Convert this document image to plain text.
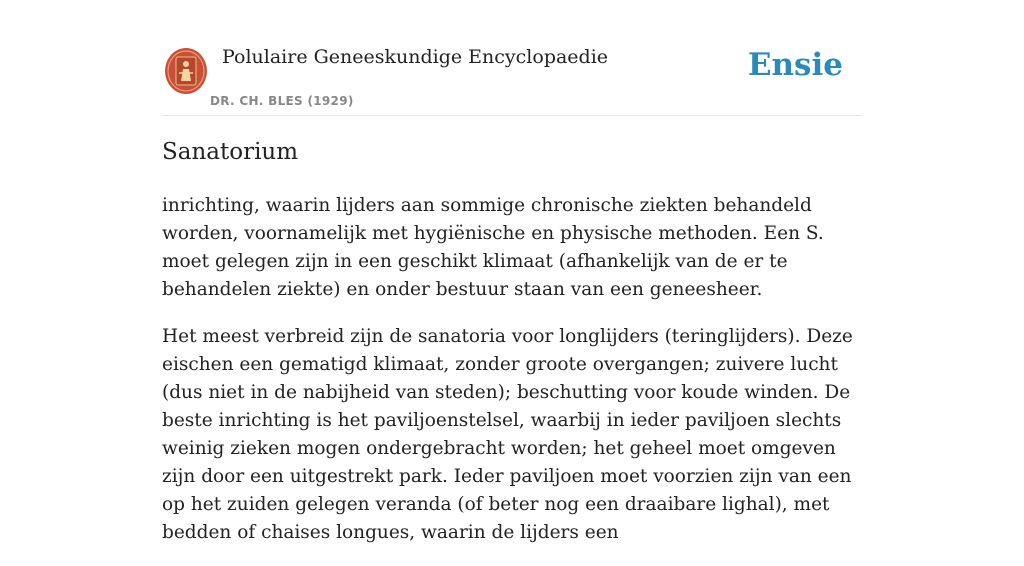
Polulaire Geneeskundige Encyclopaedie
DR. CH. BLES (1929)
Ensie
Sanatorium

inrichting, waarin lijders aan sommige chronische ziekten behandeld worden, voornamelijk met hygiënische en physische methoden. Een S. moet gelegen zijn in een geschikt klimaat (afhankelijk van de er te behandelen ziekte) en onder bestuur staan van een geneesheer.

Het meest verbreid zijn de sanatoria voor longlijders (teringlijders). Deze eischen een gematigd klimaat, zonder groote overgangen; zuivere lucht (dus niet in de nabijheid van steden); beschutting voor koude winden. De beste inrichting is het paviljoenstelsel, waarbij in ieder paviljoen slechts weinig zieken mogen ondergebracht worden; het geheel moet omgeven zijn door een uitgestrekt park. Ieder paviljoen moet voorzien zijn van een op het zuiden gelegen veranda (of beter nog een draaibare lighal), met bedden of chaises longues, waarin de lijders een
